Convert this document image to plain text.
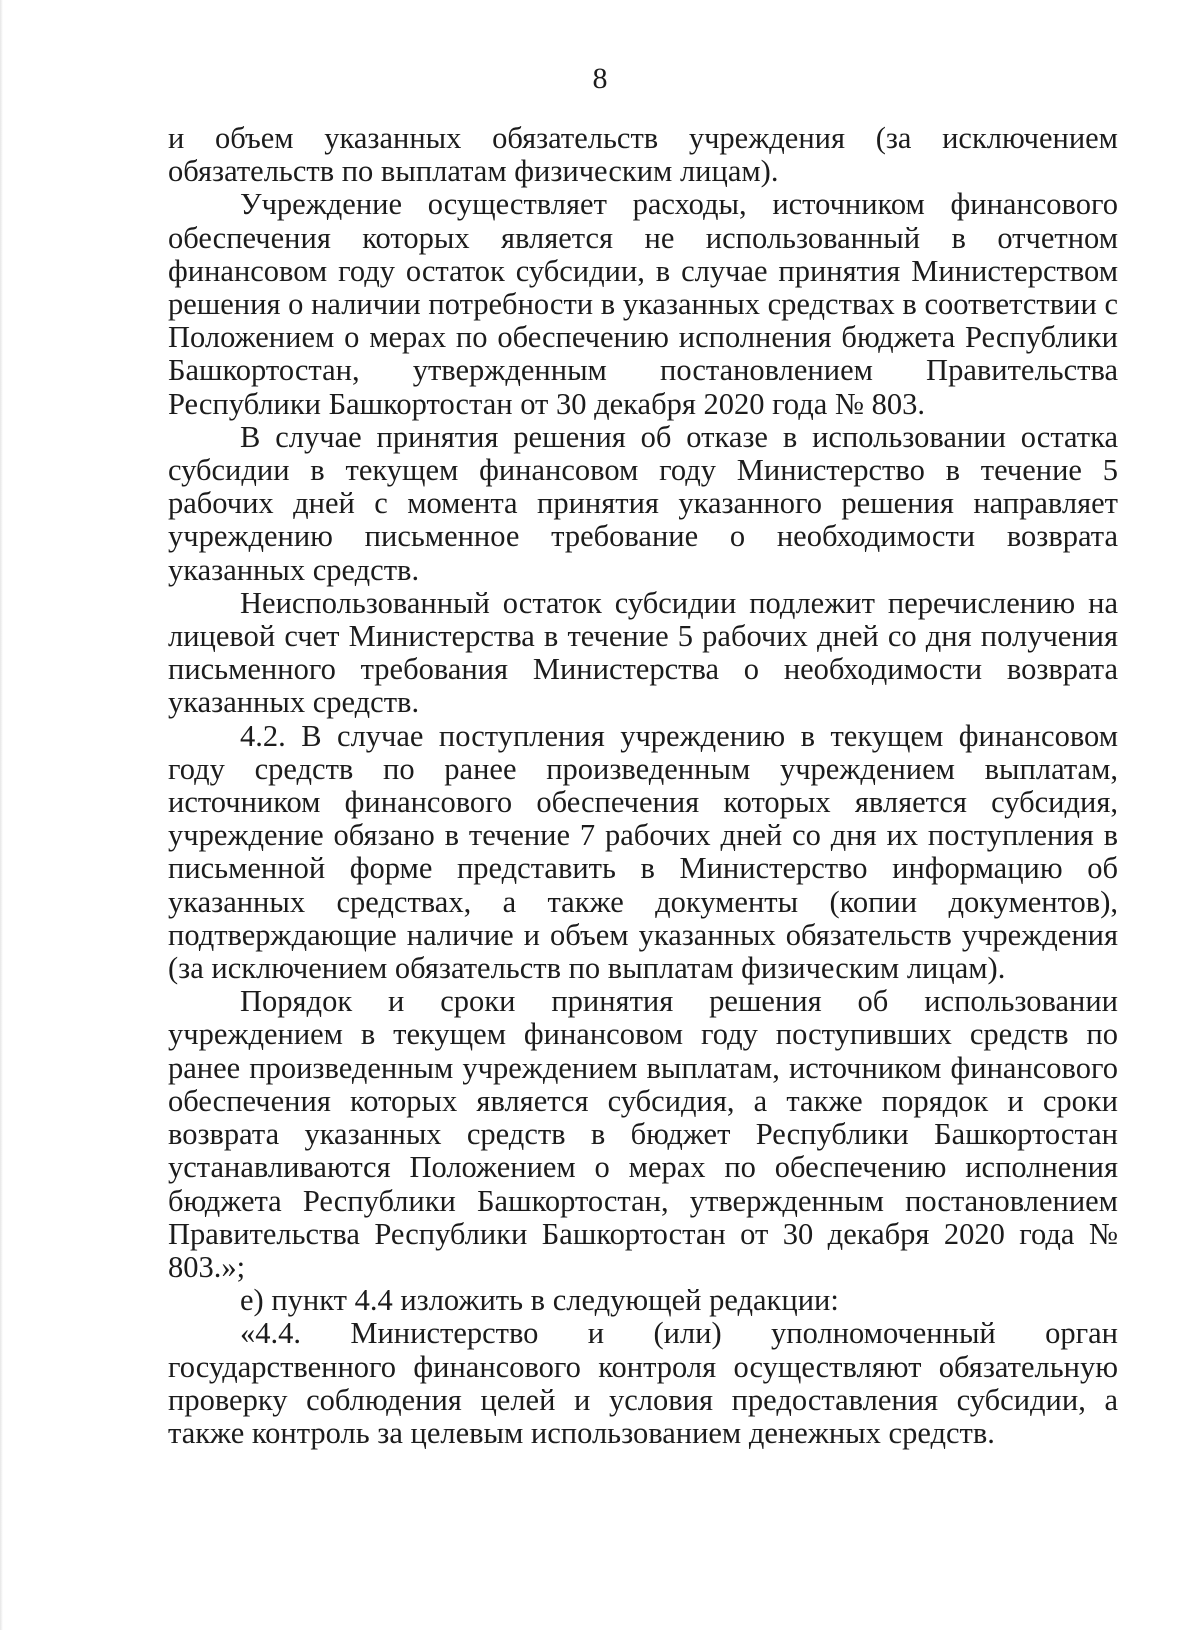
8

и объем указанных обязательств учреждения (за исключением обязательств по выплатам физическим лицам).

Учреждение осуществляет расходы, источником финансового обеспечения которых является не использованный в отчетном финансовом году остаток субсидии, в случае принятия Министерством решения о наличии потребности в указанных средствах в соответствии с Положением о мерах по обеспечению исполнения бюджета Республики Башкортостан, утвержденным постановлением Правительства Республики Башкортостан от 30 декабря 2020 года № 803.

В случае принятия решения об отказе в использовании остатка субсидии в текущем финансовом году Министерство в течение 5 рабочих дней с момента принятия указанного решения направляет учреждению письменное требование о необходимости возврата указанных средств.

Неиспользованный остаток субсидии подлежит перечислению на лицевой счет Министерства в течение 5 рабочих дней со дня получения письменного требования Министерства о необходимости возврата указанных средств.

4.2. В случае поступления учреждению в текущем финансовом году средств по ранее произведенным учреждением выплатам, источником финансового обеспечения которых является субсидия, учреждение обязано в течение 7 рабочих дней со дня их поступления в письменной форме представить в Министерство информацию об указанных средствах, а также документы (копии документов), подтверждающие наличие и объем указанных обязательств учреждения (за исключением обязательств по выплатам физическим лицам).

Порядок и сроки принятия решения об использовании учреждением в текущем финансовом году поступивших средств по ранее произведенным учреждением выплатам, источником финансового обеспечения которых является субсидия, а также порядок и сроки возврата указанных средств в бюджет Республики Башкортостан устанавливаются Положением о мерах по обеспечению исполнения бюджета Республики Башкортостан, утвержденным постановлением Правительства Республики Башкортостан от 30 декабря 2020 года № 803.»;

е) пункт 4.4 изложить в следующей редакции:

«4.4. Министерство и (или) уполномоченный орган государственного финансового контроля осуществляют обязательную проверку соблюдения целей и условия предоставления субсидии, а также контроль за целевым использованием денежных средств.
